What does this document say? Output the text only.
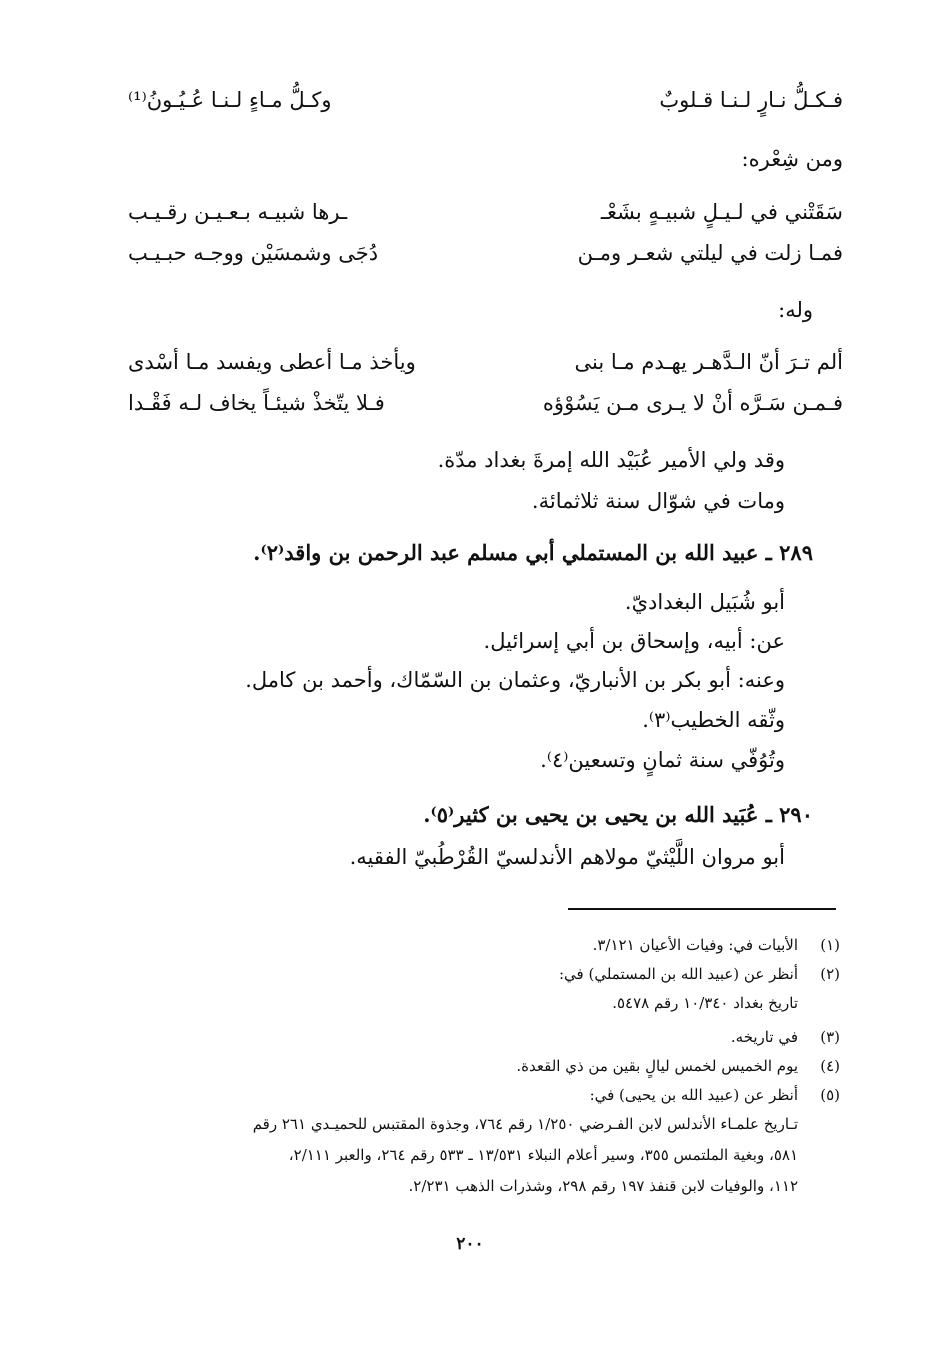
فـكـلُّ نـارٍ لـنـا قـلوبٌ
وكـلُّ مـاءٍ لـنـا عُـيُـونُ⁽¹⁾
ومن شِعْره:
سَقَتْني في لـيـلٍ شبيـهٍ بشَعْـ
ـرها شبيـه بـعـيـن رقـيـب
فمـا زلت في ليلتي شعـر ومـن
دُجَى وشمسَيْن ووجـه حبـيـب
وله:
ألم تـرَ أنّ الـدَّهـر يهـدم مـا بنى
ويأخذ مـا أعطى ويفسد مـا أسْدى
فـمـن سَـرَّه أنْ لا يـرى مـن يَسُوْؤه
فـلا يتّخذْ شيئـاً يخاف لـه فَقْـدا
وقد ولي الأمير عُبَيْد الله إمرةَ بغداد مدّة.
ومات في شوّال سنة ثلاثمائة.
٢٨٩ ـ عبيد الله بن المستملي أبي مسلم عبد الرحمن بن واقد⁽٢⁾.
أبو شُبَيل البغداديّ.
عن: أبيه، وإسحاق بن أبي إسرائيل.
وعنه: أبو بكر بن الأنباريّ، وعثمان بن السّمّاك، وأحمد بن كامل.
وثّقه الخطيب⁽٣⁾.
وتُوُفّي سنة ثمانٍ وتسعين⁽٤⁾.
٢٩٠ ـ عُبَيد الله بن يحيى بن يحيى بن كثير⁽٥⁾.
أبو مروان اللَّيْثيّ مولاهم الأندلسيّ القُرْطُبيّ الفقيه.
(١)
الأبيات في: وفيات الأعيان ٣/١٢١.
(٢)
أنظر عن (عبيد الله بن المستملي) في:
تاريخ بغداد ١٠/٣٤٠ رقم ٥٤٧٨.
(٣)
في تاريخه.
(٤)
يوم الخميس لخمس ليالٍ بقين من ذي القعدة.
(٥)
أنظر عن (عبيد الله بن يحيى) في:
تـاريخ علمـاء الأندلس لابن الفـرضي ١/٢٥٠ رقم ٧٦٤، وجذوة المقتبس للحميـدي ٢٦١ رقم
٥٨١، وبغية الملتمس ٣٥٥، وسير أعلام النبلاء ١٣/٥٣١ ـ ٥٣٣ رقم ٢٦٤، والعبر ٢/١١١،
١١٢، والوفيات لابن قنفذ ١٩٧ رقم ٢٩٨، وشذرات الذهب ٢/٢٣١.
٢٠٠
